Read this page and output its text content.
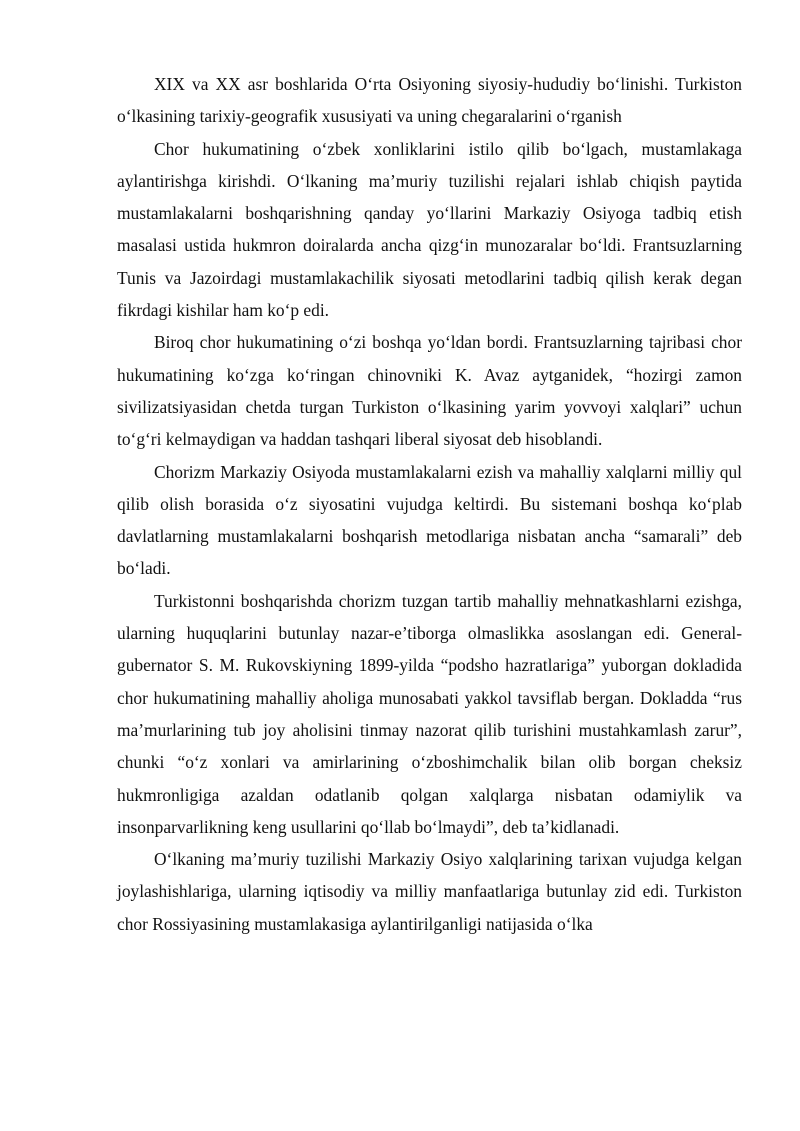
XIX va XX asr boshlarida O‘rta Osiyoning siyosiy-hududiy bo‘linishi. Turkiston o‘lkasining tarixiy-geografik xususiyati va uning chegaralarini o‘rganish

Chor hukumatining o‘zbek xonliklarini istilo qilib bo‘lgach, mustamlakaga aylantirishga kirishdi. O‘lkaning ma’muriy tuzilishi rejalari ishlab chiqish paytida mustamlakalarni boshqarishning qanday yo‘llarini Markaziy Osiyoga tadbiq etish masalasi ustida hukmron doiralarda ancha qizg‘in munozaralar bo‘ldi. Frantsuzlarning Tunis va Jazoirdagi mustamlakachilik siyosati metodlarini tadbiq qilish kerak degan fikrdagi kishilar ham ko‘p edi.

Biroq chor hukumatining o‘zi boshqa yo‘ldan bordi. Frantsuzlarning tajribasi chor hukumatining ko‘zga ko‘ringan chinovniki K. Avaz aytganidek, “hozirgi zamon sivilizatsiyasidan chetda turgan Turkiston o‘lkasining yarim yovvoyi xalqlari” uchun to‘g‘ri kelmaydigan va haddan tashqari liberal siyosat deb hisoblandi.

Chorizm Markaziy Osiyoda mustamlakalarni ezish va mahalliy xalqlarni milliy qul qilib olish borasida o‘z siyosatini vujudga keltirdi. Bu sistemani boshqa ko‘plab davlatlarning mustamlakalarni boshqarish metodlariga nisbatan ancha “samarali” deb bo‘ladi.

Turkistonni boshqarishda chorizm tuzgan tartib mahalliy mehnatkashlarni ezishga, ularning huquqlarini butunlay nazar-e’tiborga olmaslikka asoslangan edi. General-gubernator S. M. Rukovskiyning 1899-yilda “podsho hazratlariga” yuborgan dokladida chor hukumatining mahalliy aholiga munosabati yakkol tavsiflab bergan. Dokladda “rus ma’murlarining tub joy aholisini tinmay nazorat qilib turishini mustahkamlash zarur”, chunki “o‘z xonlari va amirlarining o‘zboshimchalik bilan olib borgan cheksiz hukmronligiga azaldan odatlanib qolgan xalqlarga nisbatan odamiylik va insonparvarlikning keng usullarini qo‘llab bo‘lmaydi”, deb ta’kidlanadi.

O‘lkaning ma’muriy tuzilishi Markaziy Osiyo xalqlarining tarixan vujudga kelgan joylashishlariga, ularning iqtisodiy va milliy manfaatlariga butunlay zid edi. Turkiston chor Rossiyasining mustamlakasiga aylantirilganligi natijasida o‘lka
